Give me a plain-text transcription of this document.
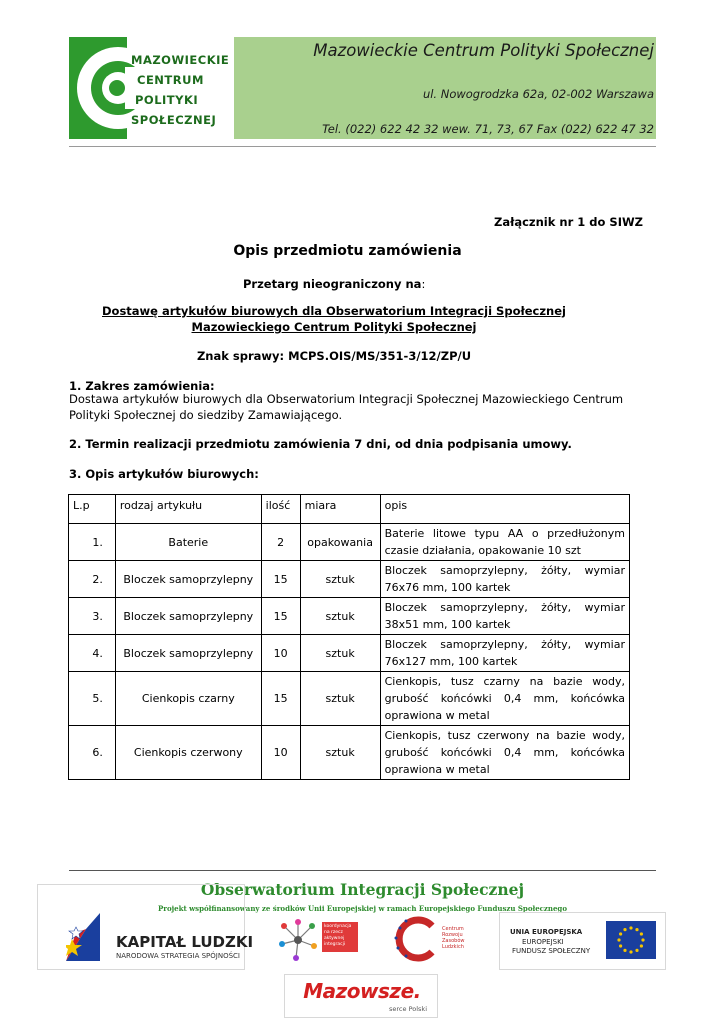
MAZOWIECKIE
CENTRUM
POLITYKI
SPOŁECZNEJ
Mazowieckie Centrum Polityki Społecznej
ul. Nowogrodzka 62a, 02-002 Warszawa
Tel. (022) 622 42 32 wew. 71, 73, 67 Fax (022) 622 47 32
Załącznik nr 1 do SIWZ
Opis przedmiotu zamówienia
Przetarg nieograniczony na:
Dostawę artykułów biurowych dla Obserwatorium Integracji Społecznej
Mazowieckiego Centrum Polityki Społecznej
Znak sprawy: MCPS.OIS/MS/351-3/12/ZP/U
1. Zakres zamówienia:
Dostawa artykułów biurowych dla Obserwatorium Integracji Społecznej Mazowieckiego Centrum Polityki Społecznej do siedziby Zamawiającego.
2. Termin realizacji przedmiotu zamówienia 7 dni, od dnia podpisania umowy.
3. Opis artykułów biurowych:
L.p	rodzaj artykułu	ilość	miara	opis
1.	Baterie	2	opakowania	Baterie litowe typu AA o przedłużonym czasie działania, opakowanie 10 szt
2.	Bloczek samoprzylepny	15	sztuk	Bloczek samoprzylepny, żółty, wymiar 76x76 mm, 100 kartek
3.	Bloczek samoprzylepny	15	sztuk	Bloczek samoprzylepny, żółty, wymiar 38x51 mm, 100 kartek
4.	Bloczek samoprzylepny	10	sztuk	Bloczek samoprzylepny, żółty, wymiar 76x127 mm, 100 kartek
5.	Cienkopis czarny	15	sztuk	Cienkopis, tusz czarny na bazie wody, grubość końcówki 0,4 mm, końcówka oprawiona w metal
6.	Cienkopis czerwony	10	sztuk	Cienkopis, tusz czerwony na bazie wody, grubość końcówki 0,4 mm, końcówka oprawiona w metal
Obserwatorium Integracji Społecznej
Projekt współfinansowany ze środków Unii Europejskiej w ramach Europejskiego Funduszu Społecznego
KAPITAŁ LUDZKI
NARODOWA STRATEGIA SPÓJNOŚCI
koordynacja na rzecz aktywnej integracji
Centrum Rozwoju Zasobów Ludzkich
UNIA EUROPEJSKA
EUROPEJSKI
FUNDUSZ SPOŁECZNY
Mazowsze.
serce Polski
